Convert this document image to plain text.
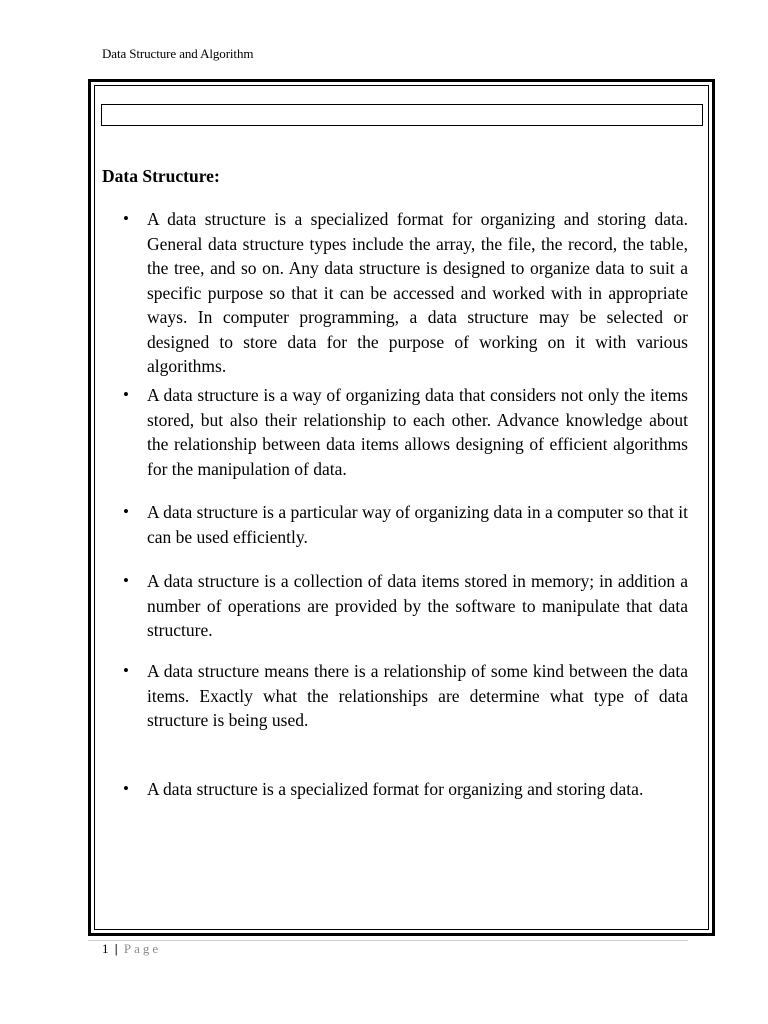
Data Structure and Algorithm
Data Structure:
• A data structure is a specialized format for organizing and storing data. General data structure types include the array, the file, the record, the table, the tree, and so on. Any data structure is designed to organize data to suit a specific purpose so that it can be accessed and worked with in appropriate ways. In computer programming, a data structure may be selected or designed to store data for the purpose of working on it with various algorithms.
• A data structure is a way of organizing data that considers not only the items stored, but also their relationship to each other. Advance knowledge about the relationship between data items allows designing of efficient algorithms for the manipulation of data.
• A data structure is a particular way of organizing data in a computer so that it can be used efficiently.
• A data structure is a collection of data items stored in memory; in addition a number of operations are provided by the software to manipulate that data structure.
• A data structure means there is a relationship of some kind between the data items. Exactly what the relationships are determine what type of data structure is being used.
• A data structure is a specialized format for organizing and storing data.
1 | Page
